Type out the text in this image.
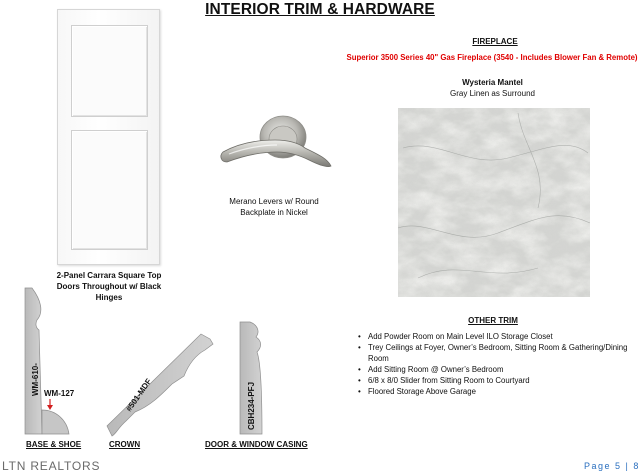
INTERIOR TRIM & HARDWARE
2-Panel Carrara Square Top Doors Throughout w/ Black Hinges
Merano Levers w/ Round Backplate in Nickel
FIREPLACE
Superior 3500 Series 40" Gas Fireplace (3540 - Includes Blower Fan & Remote)
Wysteria Mantel
Gray Linen as Surround
OTHER TRIM
• Add Powder Room on Main Level ILO Storage Closet
• Trey Ceilings at Foyer, Owner’s Bedroom, Sitting Room & Gathering/Dining Room
• Add Sitting Room @ Owner’s Bedroom
• 6/8 x 8/0 Slider from Sitting Room to Courtyard
• Floored Storage Above Garage
WM-610- WM-127	#501-MDF	CBH234-PFJ
BASE & SHOE	CROWN	DOOR & WINDOW CASING
LTN REALTORS	Page 5 | 8
